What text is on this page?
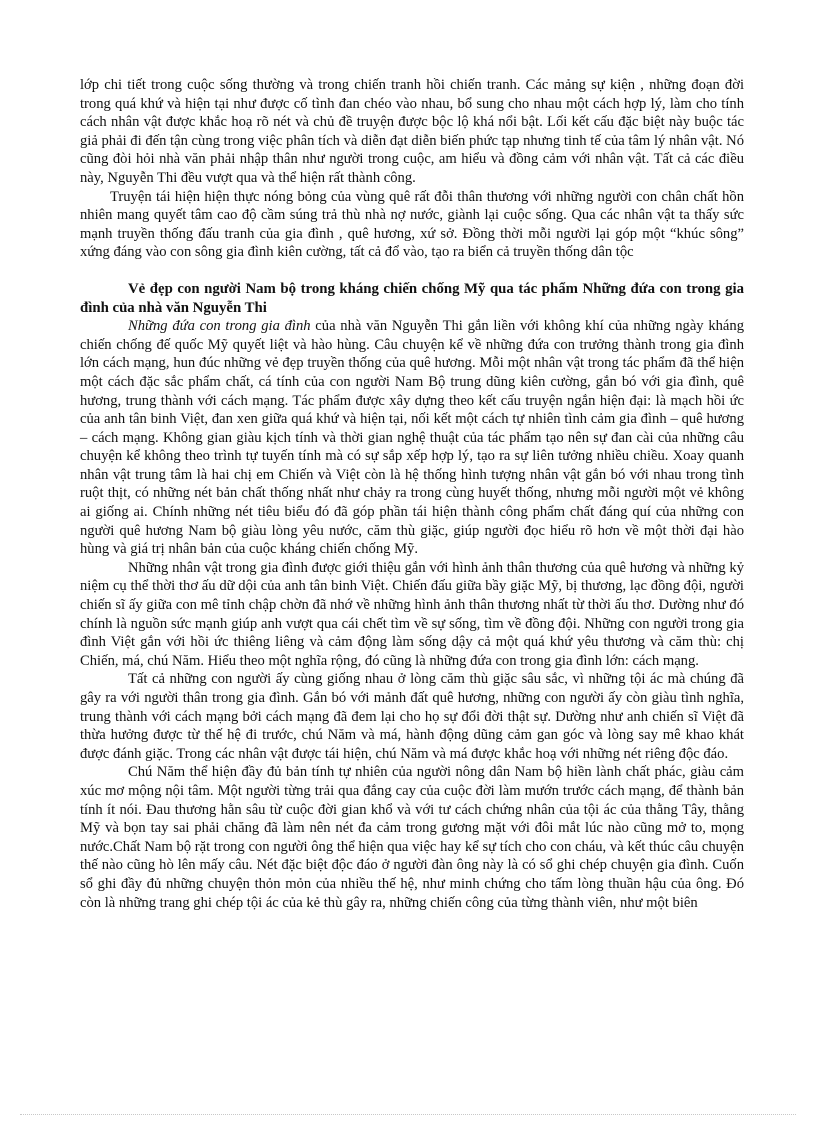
lớp chi tiết trong cuộc sống thường và trong chiến tranh hồi chiến tranh. Các mảng sự kiện , những đoạn đời trong quá khứ và hiện tại như được cố tình đan chéo vào nhau, bổ sung cho nhau một cách hợp lý, làm cho tính cách nhân vật được khắc hoạ rõ nét và chủ đề truyện được bộc lộ khá nổi bật. Lối kết cấu đặc biệt này buộc tác giả phải đi đến tận cùng trong việc phân tích và diễn đạt diễn biến phức tạp nhưng tinh tế của tâm lý nhân vật. Nó cũng đòi hỏi nhà văn phải nhập thân như người trong cuộc, am hiểu và đồng cảm với nhân vật. Tất cả các điều này, Nguyễn Thi đều vượt qua và thể hiện rất thành công.

Truyện tái hiện hiện thực nóng bỏng của vùng quê rất đỗi thân thương với những người con chân chất hồn nhiên mang quyết tâm cao độ cầm súng trả thù nhà nợ nước, giành lại cuộc sống. Qua các nhân vật ta thấy sức mạnh truyền thống đấu tranh của gia đình , quê hương, xứ sở. Đồng thời mỗi người lại góp một “khúc sông” xứng đáng vào con sông gia đình kiên cường, tất cả đổ vào, tạo ra biển cả truyền thống dân tộc

Vẻ đẹp con người Nam bộ trong kháng chiến chống Mỹ qua tác phẩm Những đứa con trong gia đình của nhà văn Nguyễn Thi

Những đứa con trong gia đình của nhà văn Nguyễn Thi gắn liền với không khí của những ngày kháng chiến chống đế quốc Mỹ quyết liệt và hào hùng. Câu chuyện kể về những đứa con trưởng thành trong gia đình lớn cách mạng, hun đúc những vẻ đẹp truyền thống của quê hương. Mỗi một nhân vật trong tác phẩm đã thể hiện một cách đặc sắc phẩm chất, cá tính của con người Nam Bộ trung dũng kiên cường, gắn bó với gia đình, quê hương, trung thành với cách mạng. Tác phẩm được xây dựng theo kết cấu truyện ngắn hiện đại: là mạch hồi ức của anh tân binh Việt, đan xen giữa quá khứ và hiện tại, nối kết một cách tự nhiên tình cảm gia đình – quê hương – cách mạng. Không gian giàu kịch tính và thời gian nghệ thuật của tác phẩm tạo nên sự đan cài của những câu chuyện kể không theo trình tự tuyến tính mà có sự sắp xếp hợp lý, tạo ra sự liên tưởng nhiều chiều. Xoay quanh nhân vật trung tâm là hai chị em Chiến và Việt còn là hệ thống hình tượng nhân vật gắn bó với nhau trong tình ruột thịt, có những nét bản chất thống nhất như chảy ra trong cùng huyết thống, nhưng mỗi người một vẻ không ai giống ai. Chính những nét tiêu biểu đó đã góp phần tái hiện thành công phẩm chất đáng quí của những con người quê hương Nam bộ giàu lòng yêu nước, căm thù giặc, giúp người đọc hiểu rõ hơn về một thời đại hào hùng và giá trị nhân bản của cuộc kháng chiến chống Mỹ.

Những nhân vật trong gia đình được giới thiệu gắn với hình ảnh thân thương của quê hương và những kỷ niệm cụ thể thời thơ ấu dữ dội của anh tân binh Việt. Chiến đấu giữa bầy giặc Mỹ, bị thương, lạc đồng đội, người chiến sĩ ấy giữa con mê tỉnh chập chờn đã nhớ về những hình ảnh thân thương nhất từ thời ấu thơ. Dường như đó chính là nguồn sức mạnh giúp anh vượt qua cái chết tìm về sự sống, tìm về đồng đội. Những con người trong gia đình Việt gắn với hồi ức thiêng liêng và cảm động làm sống dậy cả một quá khứ yêu thương và căm thù: chị Chiến, má, chú Năm. Hiểu theo một nghĩa rộng, đó cũng là những đứa con trong gia đình lớn: cách mạng.

Tất cả những con người ấy cùng giống nhau ở lòng căm thù giặc sâu sắc, vì những tội ác mà chúng đã gây ra với người thân trong gia đình. Gắn bó với mảnh đất quê hương, những con người ấy còn giàu tình nghĩa, trung thành với cách mạng bởi cách mạng đã đem lại cho họ sự đổi đời thật sự. Dường như anh chiến sĩ Việt đã thừa hưởng được từ thế hệ đi trước, chú Năm và má, hành động dũng cảm gan góc và lòng say mê khao khát được đánh giặc. Trong các nhân vật được tái hiện, chú Năm và má được khắc hoạ với những nét riêng độc đáo.

Chú Năm thể hiện đầy đủ bản tính tự nhiên của người nông dân Nam bộ hiền lành chất phác, giàu cảm xúc mơ mộng nội tâm. Một người từng trải qua đắng cay của cuộc đời làm mướn trước cách mạng, để thành bản tính ít nói. Đau thương hằn sâu từ cuộc đời gian khổ và với tư cách chứng nhân của tội ác của thằng Tây, thằng Mỹ và bọn tay sai phải chăng đã làm nên nét đa cảm trong gương mặt với đôi mắt lúc nào cũng mở to, mọng nước.Chất Nam bộ rặt trong con người ông thể hiện qua việc hay kể sự tích cho con cháu, và kết thúc câu chuyện thế nào cũng hò lên mấy câu. Nét đặc biệt độc đáo ở người đàn ông này là có sổ ghi chép chuyện gia đình. Cuốn sổ ghi đầy đủ những chuyện thỏn mỏn của nhiều thế hệ, như minh chứng cho tấm lòng thuần hậu của ông. Đó còn là những trang ghi chép tội ác của kẻ thù gây ra, những chiến công của từng thành viên, như một biên
